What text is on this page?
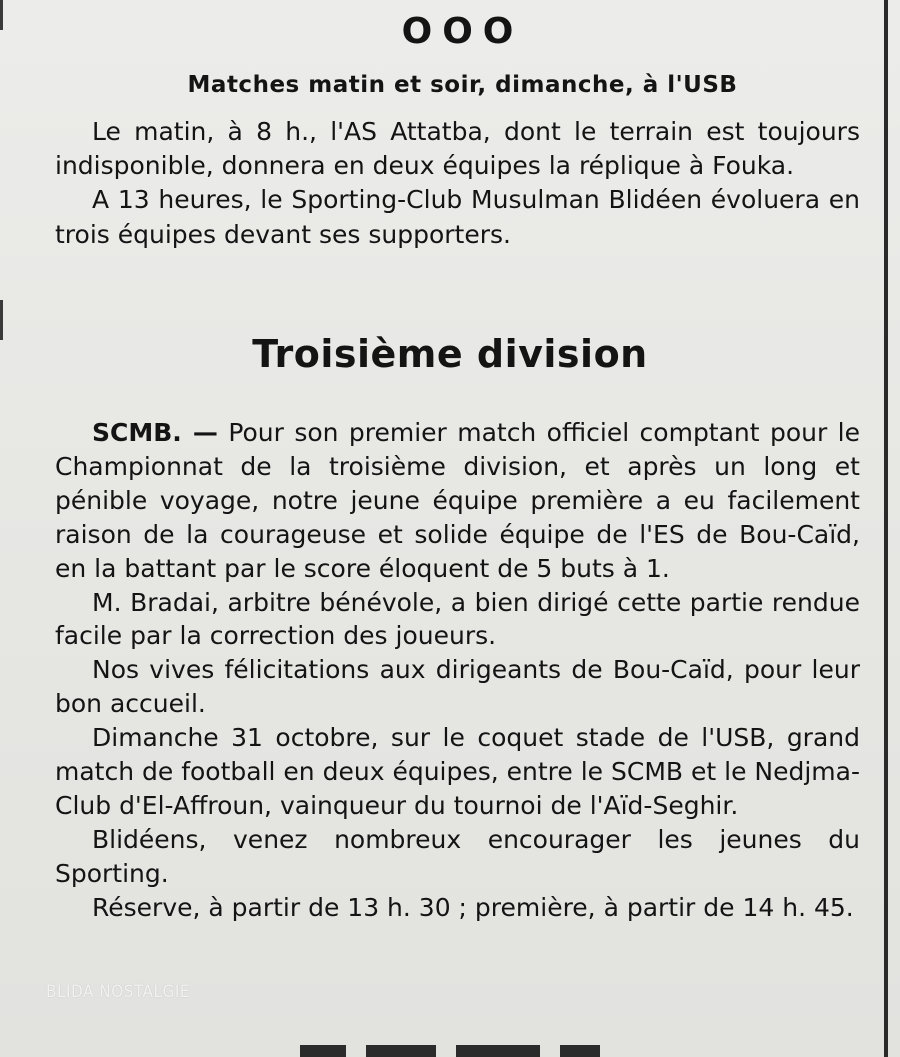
OOO
Matches matin et soir, dimanche, à l'USB

Le matin, à 8 h., l'AS Attatba, dont le terrain est toujours indisponible, donnera en deux équipes la réplique à Fouka.

A 13 heures, le Sporting-Club Musulman Blidéen évoluera en trois équipes devant ses supporters.

Troisième division

SCMB. — Pour son premier match officiel comptant pour le Championnat de la troisième division, et après un long et pénible voyage, notre jeune équipe première a eu facilement raison de la courageuse et solide équipe de l'ES de Bou-Caïd, en la battant par le score éloquent de 5 buts à 1.

M. Bradai, arbitre bénévole, a bien dirigé cette partie rendue facile par la correction des joueurs.

Nos vives félicitations aux dirigeants de Bou-Caïd, pour leur bon accueil.

Dimanche 31 octobre, sur le coquet stade de l'USB, grand match de football en deux équipes, entre le SCMB et le Nedjma-Club d'El-Affroun, vainqueur du tournoi de l'Aïd-Seghir.

Blidéens, venez nombreux encourager les jeunes du Sporting.

Réserve, à partir de 13 h. 30 ; première, à partir de 14 h. 45.

BLIDA NOSTALGIE
